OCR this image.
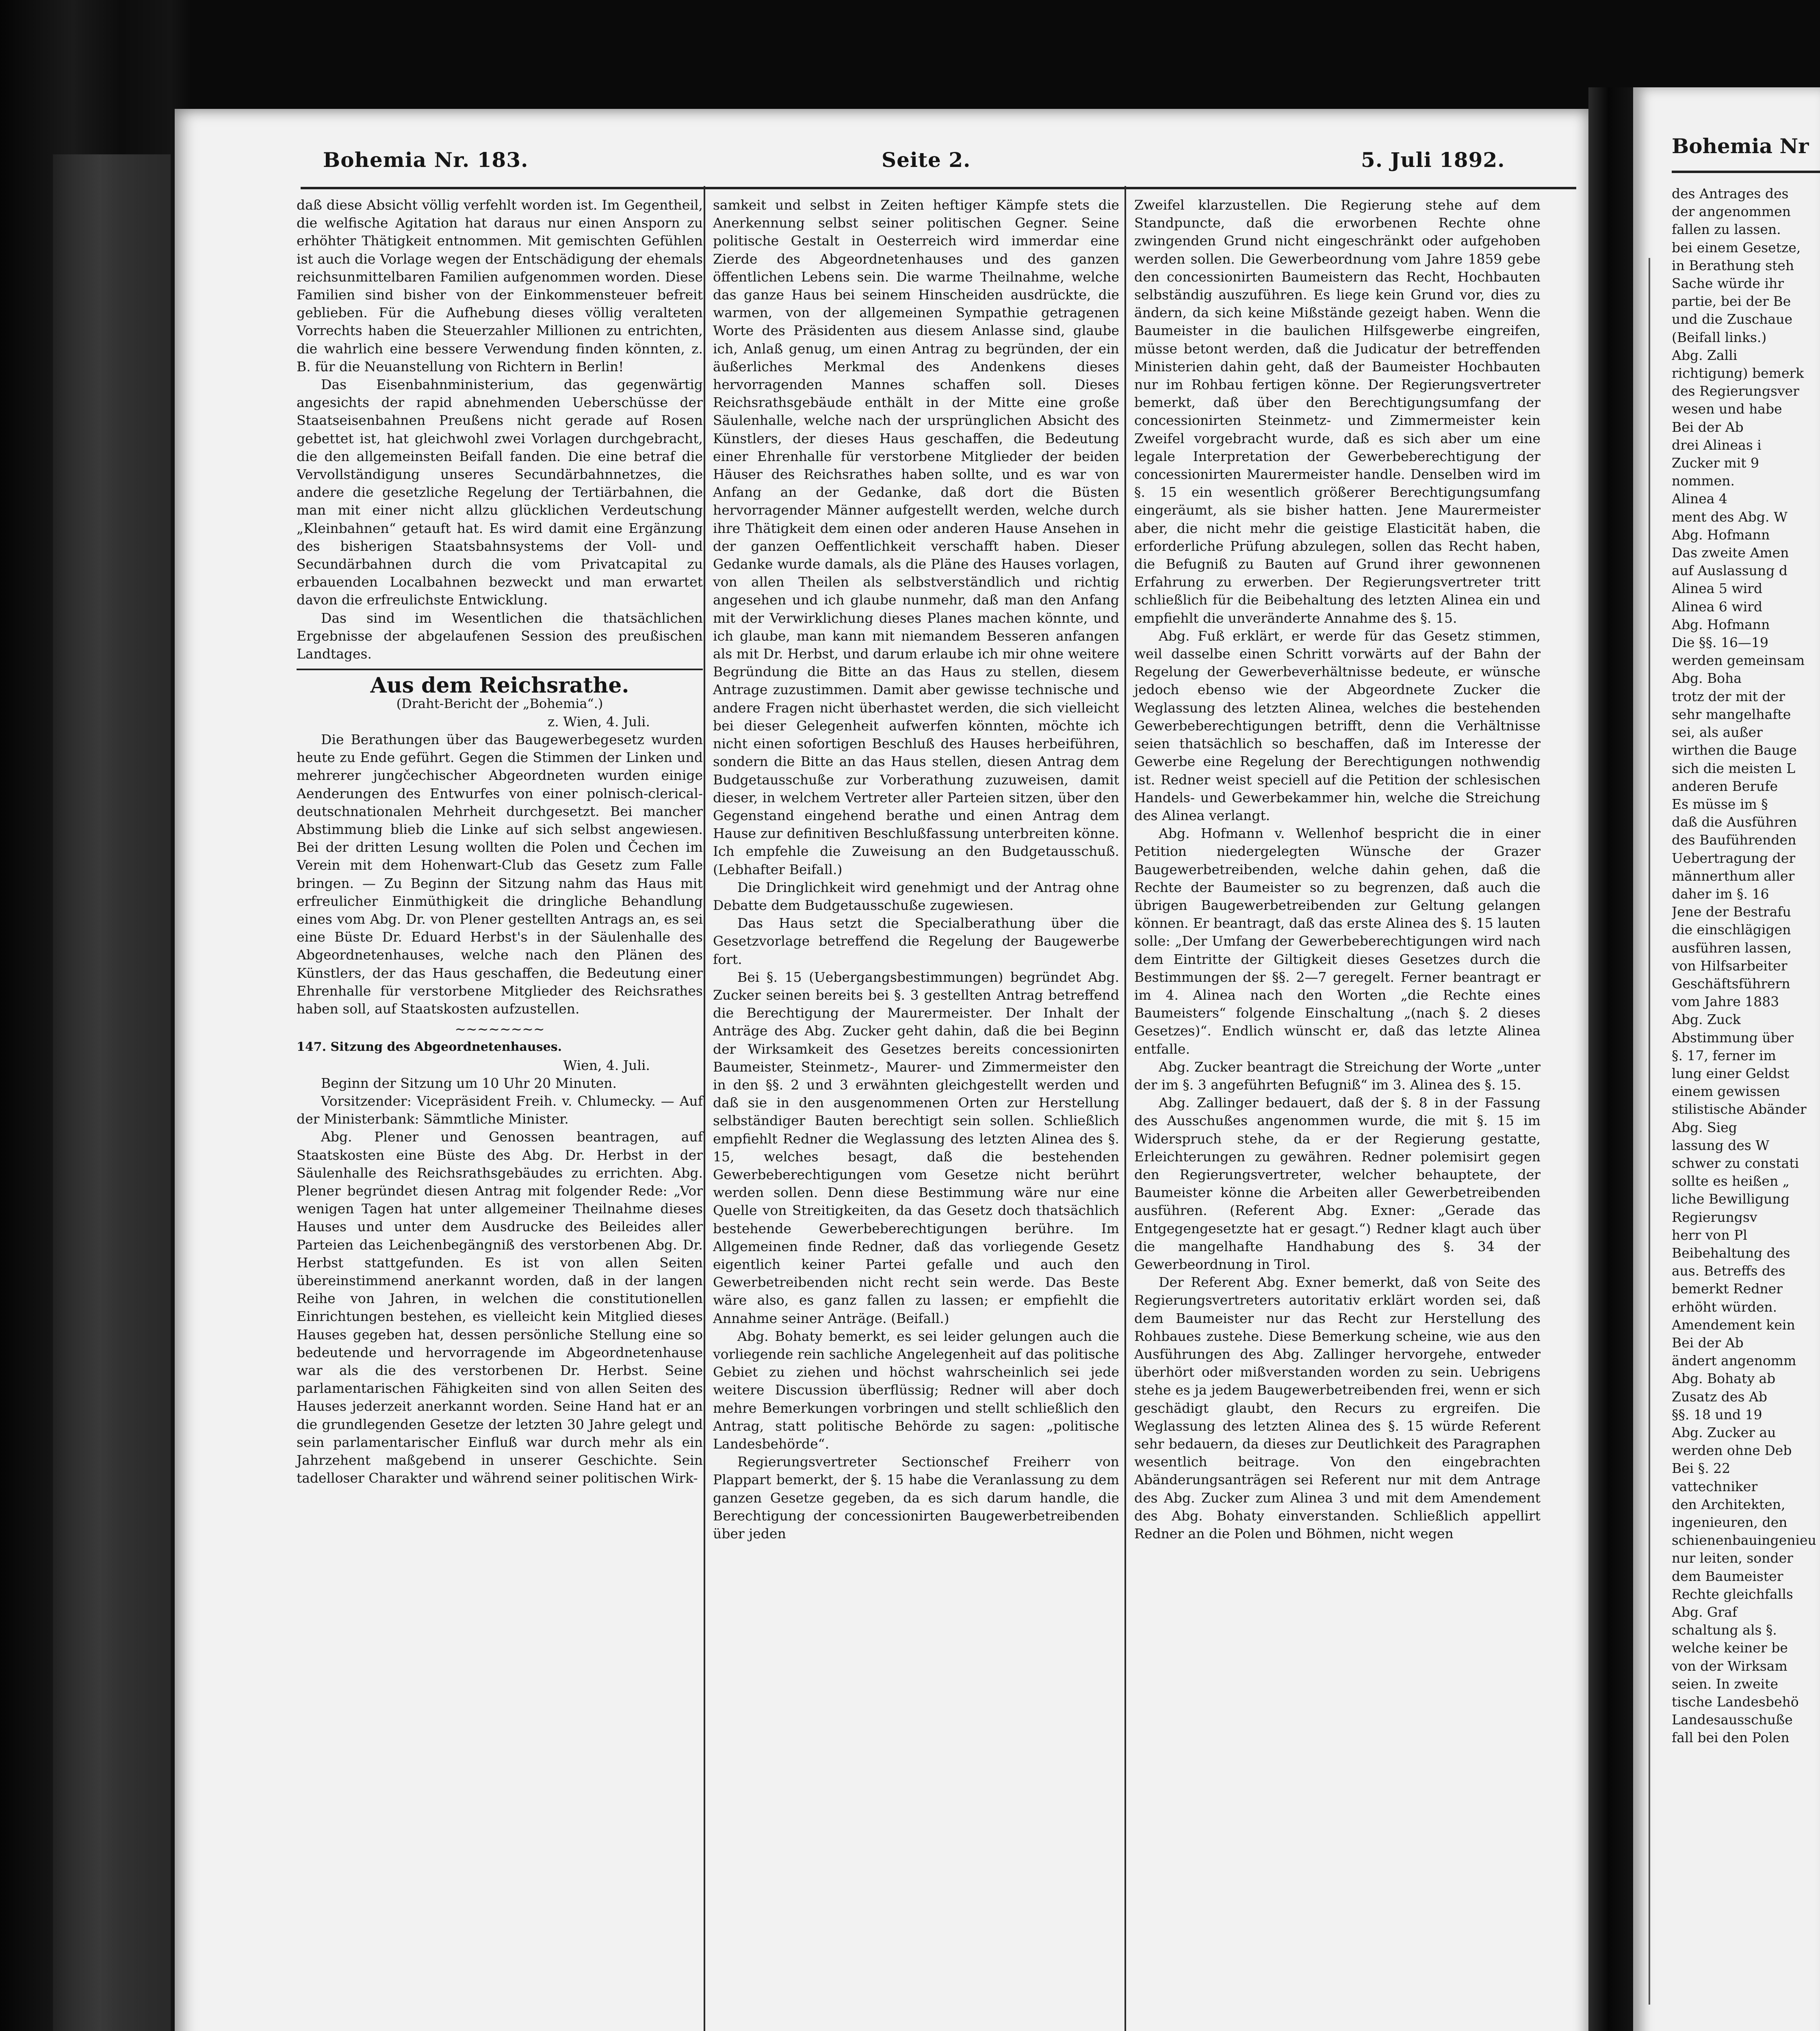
Bohemia Nr. 183.	Seite 2.	5. Juli 1892.

daß diese Absicht völlig verfehlt worden ist. Im Gegentheil, die welfische Agitation hat daraus nur einen Ansporn zu erhöhter Thätigkeit entnommen. Mit gemischten Gefühlen ist auch die Vorlage wegen der Entschädigung der ehemals reichsunmittelbaren Familien aufgenommen worden. Diese Familien sind bisher von der Einkommensteuer befreit geblieben. Für die Aufhebung dieses völlig veralteten Vorrechts haben die Steuerzahler Millionen zu entrichten, die wahrlich eine bessere Verwendung finden könnten, z. B. für die Neuanstellung von Richtern in Berlin!

Das Eisenbahnministerium, das gegenwärtig angesichts der rapid abnehmenden Ueberschüsse der Staatseisenbahnen Preußens nicht gerade auf Rosen gebettet ist, hat gleichwohl zwei Vorlagen durchgebracht, die den allgemeinsten Beifall fanden. Die eine betraf die Vervollständigung unseres Secundärbahnnetzes, die andere die gesetzliche Regelung der Tertiärbahnen, die man mit einer nicht allzu glücklichen Verdeutschung „Kleinbahnen“ getauft hat. Es wird damit eine Ergänzung des bisherigen Staatsbahnsystems der Voll- und Secundärbahnen durch die vom Privatcapital zu erbauenden Localbahnen bezweckt und man erwartet davon die erfreulichste Entwicklung.

Das sind im Wesentlichen die thatsächlichen Ergebnisse der abgelaufenen Session des preußischen Landtages.

Aus dem Reichsrathe.
(Draht-Bericht der „Bohemia“.)
z. Wien, 4. Juli.

Die Berathungen über das Baugewerbegesetz wurden heute zu Ende geführt. Gegen die Stimmen der Linken und mehrerer jungčechischer Abgeordneten wurden einige Aenderungen des Entwurfes von einer polnisch-clerical-deutschnationalen Mehrheit durchgesetzt. Bei mancher Abstimmung blieb die Linke auf sich selbst angewiesen. Bei der dritten Lesung wollten die Polen und Čechen im Verein mit dem Hohenwart-Club das Gesetz zum Falle bringen. — Zu Beginn der Sitzung nahm das Haus mit erfreulicher Einmüthigkeit die dringliche Behandlung eines vom Abg. Dr. von Plener gestellten Antrags an, es sei eine Büste Dr. Eduard Herbst's in der Säulenhalle des Abgeordnetenhauses, welche nach den Plänen des Künstlers, der das Haus geschaffen, die Bedeutung einer Ehrenhalle für verstorbene Mitglieder des Reichsrathes haben soll, auf Staatskosten aufzustellen.

~~~~~~~~
147. Sitzung des Abgeordnetenhauses.
Wien, 4. Juli.

Beginn der Sitzung um 10 Uhr 20 Minuten.

Vorsitzender: Vicepräsident Freih. v. Chlumecky. — Auf der Ministerbank: Sämmtliche Minister.

Abg. Plener und Genossen beantragen, auf Staatskosten eine Büste des Abg. Dr. Herbst in der Säulenhalle des Reichsrathsgebäudes zu errichten. Abg. Plener begründet diesen Antrag mit folgender Rede: „Vor wenigen Tagen hat unter allgemeiner Theilnahme dieses Hauses und unter dem Ausdrucke des Beileides aller Parteien das Leichenbegängniß des verstorbenen Abg. Dr. Herbst stattgefunden. Es ist von allen Seiten übereinstimmend anerkannt worden, daß in der langen Reihe von Jahren, in welchen die constitutionellen Einrichtungen bestehen, es vielleicht kein Mitglied dieses Hauses gegeben hat, dessen persönliche Stellung eine so bedeutende und hervorragende im Abgeordnetenhause war als die des verstorbenen Dr. Herbst. Seine parlamentarischen Fähigkeiten sind von allen Seiten des Hauses jederzeit anerkannt worden. Seine Hand hat er an die grundlegenden Gesetze der letzten 30 Jahre gelegt und sein parlamentarischer Einfluß war durch mehr als ein Jahrzehent maßgebend in unserer Geschichte. Sein tadelloser Charakter und während seiner politischen Wirk-

samkeit und selbst in Zeiten heftiger Kämpfe stets die Anerkennung selbst seiner politischen Gegner. Seine politische Gestalt in Oesterreich wird immerdar eine Zierde des Abgeordnetenhauses und des ganzen öffentlichen Lebens sein. Die warme Theilnahme, welche das ganze Haus bei seinem Hinscheiden ausdrückte, die warmen, von der allgemeinen Sympathie getragenen Worte des Präsidenten aus diesem Anlasse sind, glaube ich, Anlaß genug, um einen Antrag zu begründen, der ein äußerliches Merkmal des Andenkens dieses hervorragenden Mannes schaffen soll. Dieses Reichsrathsgebäude enthält in der Mitte eine große Säulenhalle, welche nach der ursprünglichen Absicht des Künstlers, der dieses Haus geschaffen, die Bedeutung einer Ehrenhalle für verstorbene Mitglieder der beiden Häuser des Reichsrathes haben sollte, und es war von Anfang an der Gedanke, daß dort die Büsten hervorragender Männer aufgestellt werden, welche durch ihre Thätigkeit dem einen oder anderen Hause Ansehen in der ganzen Oeffentlichkeit verschafft haben. Dieser Gedanke wurde damals, als die Pläne des Hauses vorlagen, von allen Theilen als selbstverständlich und richtig angesehen und ich glaube nunmehr, daß man den Anfang mit der Verwirklichung dieses Planes machen könnte, und ich glaube, man kann mit niemandem Besseren anfangen als mit Dr. Herbst, und darum erlaube ich mir ohne weitere Begründung die Bitte an das Haus zu stellen, diesem Antrage zuzustimmen. Damit aber gewisse technische und andere Fragen nicht überhastet werden, die sich vielleicht bei dieser Gelegenheit aufwerfen könnten, möchte ich nicht einen sofortigen Beschluß des Hauses herbeiführen, sondern die Bitte an das Haus stellen, diesen Antrag dem Budgetausschuße zur Vorberathung zuzuweisen, damit dieser, in welchem Vertreter aller Parteien sitzen, über den Gegenstand eingehend berathe und einen Antrag dem Hause zur definitiven Beschlußfassung unterbreiten könne. Ich empfehle die Zuweisung an den Budgetausschuß. (Lebhafter Beifall.)

Die Dringlichkeit wird genehmigt und der Antrag ohne Debatte dem Budgetausschuße zugewiesen.

Das Haus setzt die Specialberathung über die Gesetzvorlage betreffend die Regelung der Baugewerbe fort.

Bei §. 15 (Uebergangsbestimmungen) begründet Abg. Zucker seinen bereits bei §. 3 gestellten Antrag betreffend die Berechtigung der Maurermeister. Der Inhalt der Anträge des Abg. Zucker geht dahin, daß die bei Beginn der Wirksamkeit des Gesetzes bereits concessionirten Baumeister, Steinmetz-, Maurer- und Zimmermeister den in den §§. 2 und 3 erwähnten gleichgestellt werden und daß sie in den ausgenommenen Orten zur Herstellung selbständiger Bauten berechtigt sein sollen. Schließlich empfiehlt Redner die Weglassung des letzten Alinea des §. 15, welches besagt, daß die bestehenden Gewerbeberechtigungen vom Gesetze nicht berührt werden sollen. Denn diese Bestimmung wäre nur eine Quelle von Streitigkeiten, da das Gesetz doch thatsächlich bestehende Gewerbeberechtigungen berühre. Im Allgemeinen finde Redner, daß das vorliegende Gesetz eigentlich keiner Partei gefalle und auch den Gewerbetreibenden nicht recht sein werde. Das Beste wäre also, es ganz fallen zu lassen; er empfiehlt die Annahme seiner Anträge. (Beifall.)

Abg. Bohaty bemerkt, es sei leider gelungen auch die vorliegende rein sachliche Angelegenheit auf das politische Gebiet zu ziehen und höchst wahrscheinlich sei jede weitere Discussion überflüssig; Redner will aber doch mehre Bemerkungen vorbringen und stellt schließlich den Antrag, statt politische Behörde zu sagen: „politische Landesbehörde“.

Regierungsvertreter Sectionschef Freiherr von Plappart bemerkt, der §. 15 habe die Veranlassung zu dem ganzen Gesetze gegeben, da es sich darum handle, die Berechtigung der concessionirten Baugewerbetreibenden über jeden

Zweifel klarzustellen. Die Regierung stehe auf dem Standpuncte, daß die erworbenen Rechte ohne zwingenden Grund nicht eingeschränkt oder aufgehoben werden sollen. Die Gewerbeordnung vom Jahre 1859 gebe den concessionirten Baumeistern das Recht, Hochbauten selbständig auszuführen. Es liege kein Grund vor, dies zu ändern, da sich keine Mißstände gezeigt haben. Wenn die Baumeister in die baulichen Hilfsgewerbe eingreifen, müsse betont werden, daß die Judicatur der betreffenden Ministerien dahin geht, daß der Baumeister Hochbauten nur im Rohbau fertigen könne. Der Regierungsvertreter bemerkt, daß über den Berechtigungsumfang der concessionirten Steinmetz- und Zimmermeister kein Zweifel vorgebracht wurde, daß es sich aber um eine legale Interpretation der Gewerbeberechtigung der concessionirten Maurermeister handle. Denselben wird im §. 15 ein wesentlich größerer Berechtigungsumfang eingeräumt, als sie bisher hatten. Jene Maurermeister aber, die nicht mehr die geistige Elasticität haben, die erforderliche Prüfung abzulegen, sollen das Recht haben, die Befugniß zu Bauten auf Grund ihrer gewonnenen Erfahrung zu erwerben. Der Regierungsvertreter tritt schließlich für die Beibehaltung des letzten Alinea ein und empfiehlt die unveränderte Annahme des §. 15.

Abg. Fuß erklärt, er werde für das Gesetz stimmen, weil dasselbe einen Schritt vorwärts auf der Bahn der Regelung der Gewerbeverhältnisse bedeute, er wünsche jedoch ebenso wie der Abgeordnete Zucker die Weglassung des letzten Alinea, welches die bestehenden Gewerbeberechtigungen betrifft, denn die Verhältnisse seien thatsächlich so beschaffen, daß im Interesse der Gewerbe eine Regelung der Berechtigungen nothwendig ist. Redner weist speciell auf die Petition der schlesischen Handels- und Gewerbekammer hin, welche die Streichung des Alinea verlangt.

Abg. Hofmann v. Wellenhof bespricht die in einer Petition niedergelegten Wünsche der Grazer Baugewerbetreibenden, welche dahin gehen, daß die Rechte der Baumeister so zu begrenzen, daß auch die übrigen Baugewerbetreibenden zur Geltung gelangen können. Er beantragt, daß das erste Alinea des §. 15 lauten solle: „Der Umfang der Gewerbeberechtigungen wird nach dem Eintritte der Giltigkeit dieses Gesetzes durch die Bestimmungen der §§. 2—7 geregelt. Ferner beantragt er im 4. Alinea nach den Worten „die Rechte eines Baumeisters“ folgende Einschaltung „(nach §. 2 dieses Gesetzes)“. Endlich wünscht er, daß das letzte Alinea entfalle.

Abg. Zucker beantragt die Streichung der Worte „unter der im §. 3 angeführten Befugniß“ im 3. Alinea des §. 15.

Abg. Zallinger bedauert, daß der §. 8 in der Fassung des Ausschußes angenommen wurde, die mit §. 15 im Widerspruch stehe, da er der Regierung gestatte, Erleichterungen zu gewähren. Redner polemisirt gegen den Regierungsvertreter, welcher behauptete, der Baumeister könne die Arbeiten aller Gewerbetreibenden ausführen. (Referent Abg. Exner: „Gerade das Entgegengesetzte hat er gesagt.“) Redner klagt auch über die mangelhafte Handhabung des §. 34 der Gewerbeordnung in Tirol.

Der Referent Abg. Exner bemerkt, daß von Seite des Regierungsvertreters autoritativ erklärt worden sei, daß dem Baumeister nur das Recht zur Herstellung des Rohbaues zustehe. Diese Bemerkung scheine, wie aus den Ausführungen des Abg. Zallinger hervorgehe, entweder überhört oder mißverstanden worden zu sein. Uebrigens stehe es ja jedem Baugewerbetreibenden frei, wenn er sich geschädigt glaubt, den Recurs zu ergreifen. Die Weglassung des letzten Alinea des §. 15 würde Referent sehr bedauern, da dieses zur Deutlichkeit des Paragraphen wesentlich beitrage. Von den eingebrachten Abänderungsanträgen sei Referent nur mit dem Antrage des Abg. Zucker zum Alinea 3 und mit dem Amendement des Abg. Bohaty einverstanden. Schließlich appellirt Redner an die Polen und Böhmen, nicht wegen

Bohemia Nr
des Antrages des
der angenommen
fallen zu lassen.
bei einem Gesetze,
in Berathung steh
Sache würde ihr
partie, bei der Be
und die Zuschaue
(Beifall links.)
Abg. Zalli
richtigung) bemerk
des Regierungsver
wesen und habe
Bei der Ab
drei Alineas i
Zucker mit 9
nommen.
Alinea 4
ment des Abg. W
Abg. Hofmann
Das zweite Amen
auf Auslassung d
Alinea 5 wird
Alinea 6 wird
Abg. Hofmann
Die §§. 16—19
werden gemeinsam
Abg. Boha
trotz der mit der
sehr mangelhafte
sei, als außer
wirthen die Bauge
sich die meisten L
anderen Berufe
Es müsse im §
daß die Ausführen
des Bauführenden
Uebertragung der
männerthum aller
daher im §. 16
Jene der Bestrafu
die einschlägigen
ausführen lassen,
von Hilfsarbeiter
Geschäftsführern
vom Jahre 1883
Abg. Zuck
Abstimmung über
§. 17, ferner im
lung einer Geldst
einem gewissen
stilistische Abänder
Abg. Sieg
lassung des W
schwer zu constati
sollte es heißen „
liche Bewilligung
Regierungsv
herr von Pl
Beibehaltung des
aus. Betreffs des
bemerkt Redner
erhöht würden.
Amendement kein
Bei der Ab
ändert angenomm
Abg. Bohaty ab
Zusatz des Ab
§§. 18 und 19
Abg. Zucker au
werden ohne Deb
Bei §. 22
vattechniker
den Architekten,
ingenieuren, den
schienenbauingenieu
nur leiten, sonder
dem Baumeister
Rechte gleichfalls
Abg. Graf
schaltung als §.
welche keiner be
von der Wirksam
seien. In zweite
tische Landesbehö
Landesausschuße
fall bei den Polen
